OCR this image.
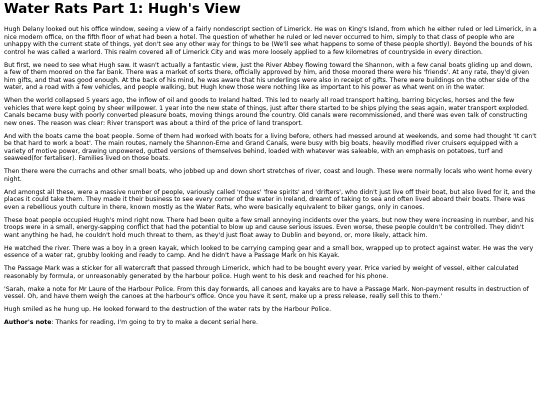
Water Rats Part 1: Hugh's View

Hugh Delany looked out his office window, seeing a view of a fairly nondescript section of Limerick. He was on King's Island, from which he either ruled or led Limerick, in a nice modern office, on the fifth floor of what had been a hotel. The question of whether he ruled or led never occurred to him, simply to that class of people who are unhappy with the current state of things, yet don't see any other way for things to be (We'll see what happens to some of these people shortly). Beyond the bounds of his control he was called a warlord. This realm covered all of Limerick City and was more loosely applied to a few kilometres of countryside in every direction.

But first, we need to see what Hugh saw. It wasn't actually a fantastic view, just the River Abbey flowing toward the Shannon, with a few canal boats gliding up and down, a few of them moored on the far bank. There was a market of sorts there, officially approved by him, and those moored there were his 'friends'. At any rate, they'd given him gifts, and that was good enough. At the back of his mind, he was aware that his underlings were also in receipt of gifts. There were buildings on the other side of the water, and a road with a few vehicles, and people walking, but Hugh knew those were nothing like as important to his power as what went on in the water.

When the world collapsed 5 years ago, the inflow of oil and goods to Ireland halted. This led to nearly all road transport halting, barring bicycles, horses and the few vehicles that were kept going by sheer willpower. 1 year into the new state of things, just after there started to be ships plying the seas again, water transport exploded. Canals became busy with poorly converted pleasure boats, moving things around the country. Old canals were recommissioned, and there was even talk of constructing new ones. The reason was clear: River transport was about a third of the price of land transport.

And with the boats came the boat people. Some of them had worked with boats for a living before, others had messed around at weekends, and some had thought 'It can't be that hard to work a boat'. The main routes, namely the Shannon-Erne and Grand Canals, were busy with big boats, heavily modified river cruisers equipped with a variety of motive power, drawing unpowered, gutted versions of themselves behind, loaded with whatever was saleable, with an emphasis on potatoes, turf and seaweed(for fertaliser). Families lived on those boats.

Then there were the currachs and other small boats, who jobbed up and down short stretches of river, coast and lough. These were normally locals who went home every night.

And amongst all these, were a massive number of people, variously called 'rogues' 'free spirits' and 'drifters', who didn't just live off their boat, but also lived for it, and the places it could take them. They made it their business to see every corner of the water in Ireland, dreamt of taking to sea and often lived aboard their boats. There was even a rebellious youth culture in there, known mostly as the Water Rats, who were basically equivalent to biker gangs, only in canoes.

These boat people occupied Hugh's mind right now. There had been quite a few small annoying incidents over the years, but now they were increasing in number, and his troops were in a small, energy-sapping conflict that had the potential to blow up and cause serious issues. Even worse, these people couldn't be controlled. They didn't want anything he had, he couldn't hold much threat to them, as they'd just float away to Dublin and beyond, or, more likely, attack him.

He watched the river. There was a boy in a green kayak, which looked to be carrying camping gear and a small box, wrapped up to protect against water. He was the very essence of a water rat, grubby looking and ready to camp. And he didn't have a Passage Mark on his Kayak.

The Passage Mark was a sticker for all watercraft that passed through Limerick, which had to be bought every year. Price varied by weight of vessel, either calculated reasonably by formula, or unreasonably generated by the harbour police. Hugh went to his desk and reached for his phone.

'Sarah, make a note for Mr Laure of the Harbour Police. From this day forwards, all canoes and kayaks are to have a Passage Mark. Non-payment results in destruction of vessel. Oh, and have them weigh the canoes at the harbour's office. Once you have it sent, make up a press release, really sell this to them.'

Hugh smiled as he hung up. He looked forward to the destruction of the water rats by the Harbour Police.

Author's note: Thanks for reading, I'm going to try to make a decent serial here.
